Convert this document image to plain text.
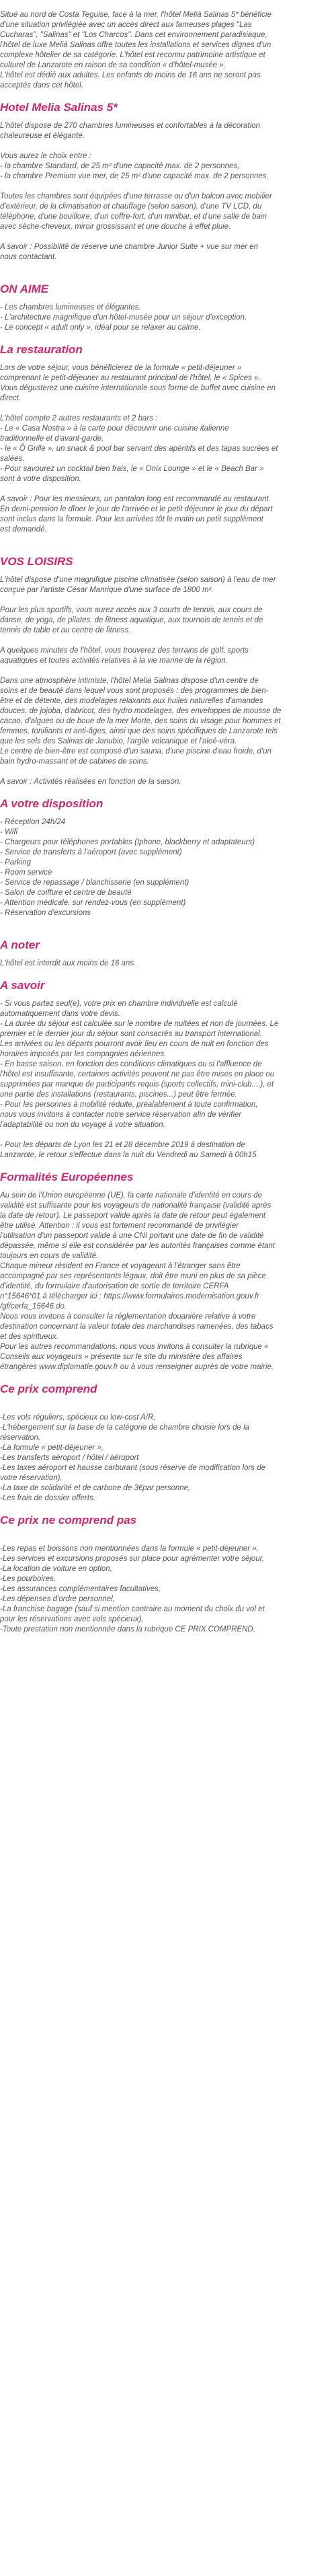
Situé au nord de Costa Teguise, face à la mer, l'hôtel Meliá Salinas 5* bénéficie
d'une situation privilégiée avec un accès direct aux fameuses plages "Las
Cucharas", "Salinas" et "Los Charcos". Dans cet environnement paradisiaque,
l'hôtel de luxe Meliá Salinas offre toutes les installations et services dignes d'un
complexe hôtelier de sa catégorie. L'hôtel est reconnu patrimoine artistique et
culturel de Lanzarote en raison de sa condition « d'hôtel-musée ».
L'hôtel est dédié aux adultes. Les enfants de moins de 16 ans ne seront pas
acceptés dans cet hôtel.

Hotel Melia Salinas 5*

L'hôtel dispose de 270 chambres lumineuses et confortables à la décoration
chaleureuse et élégante.

Vous aurez le choix entre :
- la chambre Standard, de 25 m² d'une capacité max. de 2 personnes,
- la chambre Premium vue mer, de 25 m² d'une capacité max. de 2 personnes.

Toutes les chambres sont équipées d'une terrasse ou d'un balcon avec mobilier
d'extérieur, de la climatisation et chauffage (selon saison), d'une TV LCD, du
téléphone, d'une bouilloire, d'un coffre-fort, d'un minibar, et d'une salle de bain
avec sèche-cheveux, miroir grossissant et une douche à effet pluie.

A savoir : Possibilité de réserve une chambre Junior Suite + vue sur mer en
nous contactant.

ON AIME

- Les chambres lumineuses et élégantes.
- L'architecture magnifique d'un hôtel-musée pour un séjour d'exception.
- Le concept « adult only », idéal pour se relaxer au calme.

La restauration

Lors de votre séjour, vous bénéficierez de la formule « petit-déjeuner »
comprenant le petit-déjeuner au restaurant principal de l'hôtel, le « Spices ».
Vous dégusterez une cuisine internationale sous forme de buffet avec cuisine en
direct.

L'hôtel compte 2 autres restaurants et 2 bars :
- Le « Casa Nostra » à la carte pour découvrir une cuisine italienne
traditionnelle et d'avant-garde,
- le « Ô Grille », un snack & pool bar servant des apéritifs et des tapas sucrées et
salées.
- Pour savourez un cocktail bien frais, le « Onix Lounge » et le « Beach Bar »
sont à votre disposition.

A savoir : Pour les messieurs, un pantalon long est recommandé au restaurant.
En demi-pension le dîner le jour de l'arrivée et le petit déjeuner le jour du départ
sont inclus dans la formule. Pour les arrivées tôt le matin un petit supplément
est demandé.

VOS LOISIRS

L'hôtel dispose d'une magnifique piscine climatisée (selon saison) à l'eau de mer
conçue par l'artiste César Manrique d'une surface de 1800 m².

Pour les plus sportifs, vous aurez accès aux 3 courts de tennis, aux cours de
danse, de yoga, de pilates, de fitness aquatique, aux tournois de tennis et de
tennis de table et au centre de fitness.

A quelques minutes de l'hôtel, vous trouverez des terrains de golf, sports
aquatiques et toutes activités relatives à la vie marine de la région.

Dans une atmosphère intimiste, l'hôtel Melia Salinas dispose d'un centre de
soins et de beauté dans lequel vous sont proposés : des programmes de bien-
être et de détente, des modelages relaxants aux huiles naturelles d'amandes
douces, de jojoba, d'abricot, des hydro modelages, des enveloppes de mousse de
cacao, d'algues ou de boue de la mer Morte, des soins du visage pour hommes et
femmes, tonifiants et anti-âges, ainsi que des soins spécifiques de Lanzarote tels
que les sels des Salinas de Janubio, l'argile volcanique et l'aloé-véra.
Le centre de bien-être est composé d'un sauna, d'une piscine d'eau froide, d'un
bain hydro-massant et de cabines de soins.

A savoir : Activités réalisées en fonction de la saison.

A votre disposition

- Réception 24h/24
- Wifi
- Chargeurs pour téléphones portables (Iphone, blackberry et adaptateurs)
- Service de transferts à l'aéroport (avec supplément)
- Parking
- Room service
- Service de repassage / blanchisserie (en supplément)
- Salon de coiffure et centre de beauté
- Attention médicale, sur rendez-vous (en supplément)
- Réservation d'excursions

A noter

L'hôtel est interdit aux moins de 16 ans.

A savoir

- Si vous partez seul(e), votre prix en chambre individuelle est calculé
automatiquement dans votre devis.
- La durée du séjour est calculée sur le nombre de nuitées et non de journées. Le
premier et le dernier jour du séjour sont consacrés au transport international.
Les arrivées ou les départs pourront avoir lieu en cours de nuit en fonction des
horaires imposés par les compagnies aériennes.
- En basse saison, en fonction des conditions climatiques ou si l'affluence de
l'hôtel est insuffisante, certaines activités peuvent ne pas être mises en place ou
supprimées par manque de participants requis (sports collectifs, mini-club....), et
une partie des installations (restaurants, piscines...) peut être fermée.
- Pour les personnes à mobilité réduite, préalablement à toute confirmation,
nous vous invitons à contacter notre service réservation afin de vérifier
l'adaptabilité ou non du voyage à votre situation.

- Pour les départs de Lyon les 21 et 28 décembre 2019 à destination de
Lanzarote, le retour s'effectue dans la nuit du Vendredi au Samedi à 00h15.

Formalités Européennes

Au sein de l'Union européenne (UE), la carte nationale d'identité en cours de
validité est suffisante pour les voyageurs de nationalité française (validité après
la date de retour). Le passeport valide après la date de retour peut également
être utilisé. Attention : il vous est fortement recommandé de privilégier
l'utilisation d'un passeport valide à une CNI portant une date de fin de validité
dépassée, même si elle est considérée par les autorités françaises comme étant
toujours en cours de validité.
Chaque mineur résident en France et voyageant à l'étranger sans être
accompagné par ses représentants légaux, doit être muni en plus de sa pièce
d'identité, du formulaire d'autorisation de sortie de territoire CERFA
n°15646*01 à télécharger ici : https://www.formulaires.modernisation.gouv.fr
/gf/cerfa_15646.do.
Nous vous invitons à consulter la réglementation douanière relative à votre
destination concernant la valeur totale des marchandises ramenées, des tabacs
et des spiritueux.
Pour les autres recommandations, nous vous invitons à consulter la rubrique «
Conseils aux voyageurs » présente sur le site du ministère des affaires
étrangères www.diplomatie.gouv.fr ou à vous renseigner auprès de votre mairie.

Ce prix comprend

-Les vols réguliers, spécieux ou low-cost A/R,
-L'hébergement sur la base de la catégorie de chambre choisie lors de la
réservation,
-La formule « petit-déjeuner »,
-Les transferts aéroport / hôtel / aéroport
-Les taxes aéroport et hausse carburant (sous réserve de modification lors de
votre réservation),
-La taxe de solidarité et de carbone de 3€par personne,
-Les frais de dossier offerts.

Ce prix ne comprend pas

-Les repas et boissons non mentionnées dans la formule « petit-déjeuner »,
-Les services et excursions proposés sur place pour agrémenter votre séjour,
-La location de voiture en option,
-Les pourboires,
-Les assurances complémentaires facultatives,
-Les dépenses d'ordre personnel,
-La franchise bagage (sauf si mention contraire au moment du choix du vol et
pour les réservations avec vols spécieux),
-Toute prestation non mentionnée dans la rubrique CE PRIX COMPREND.
